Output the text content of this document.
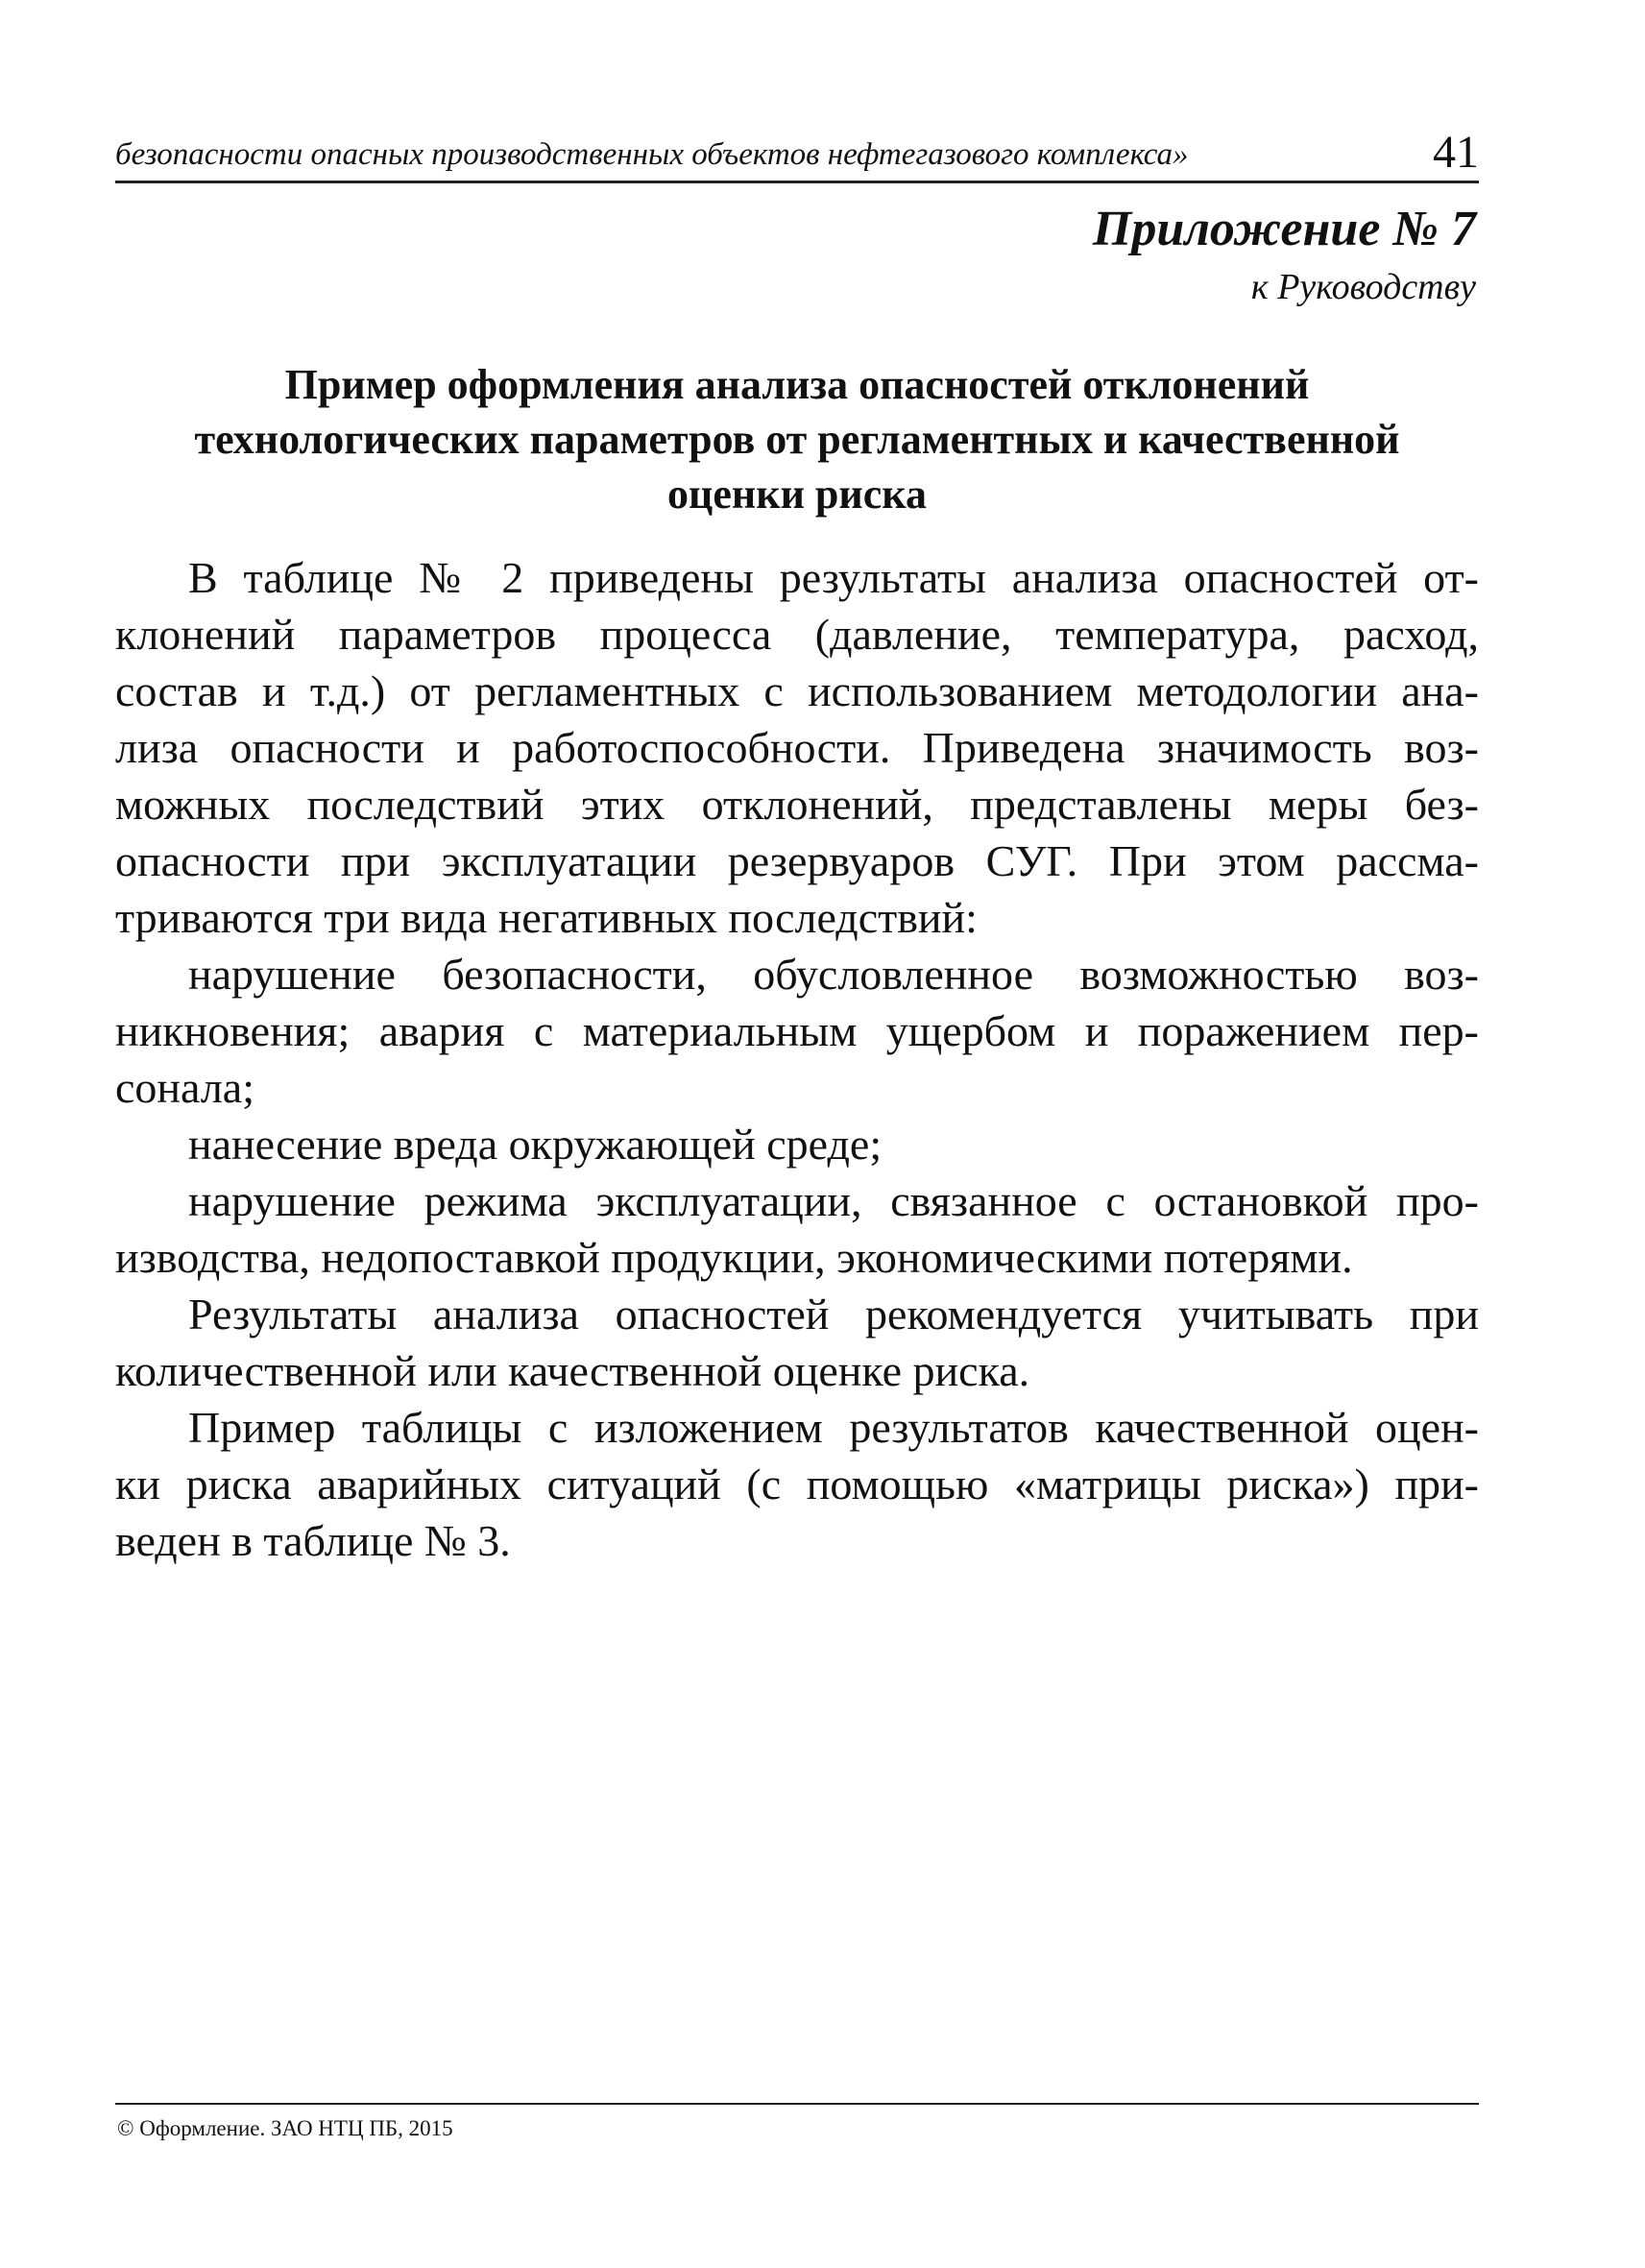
безопасности опасных производственных объектов нефтегазового комплекса»	41
Приложение № 7
к Руководству
Пример оформления анализа опасностей отклонений
технологических параметров от регламентных и качественной
оценки риска
В таблице № 2 приведены результаты анализа опасностей от-
клонений параметров процесса (давление, температура, расход,
состав и т.д.) от регламентных с использованием методологии ана-
лиза опасности и работоспособности. Приведена значимость воз-
можных последствий этих отклонений, представлены меры без-
опасности при эксплуатации резервуаров СУГ. При этом рассма-
триваются три вида негативных последствий:
нарушение безопасности, обусловленное возможностью воз-
никновения; авария с материальным ущербом и поражением пер-
сонала;
нанесение вреда окружающей среде;
нарушение режима эксплуатации, связанное с остановкой про-
изводства, недопоставкой продукции, экономическими потерями.
Результаты анализа опасностей рекомендуется учитывать при
количественной или качественной оценке риска.
Пример таблицы с изложением результатов качественной оцен-
ки риска аварийных ситуаций (с помощью «матрицы риска») при-
веден в таблице № 3.
© Оформление. ЗАО НТЦ ПБ, 2015
